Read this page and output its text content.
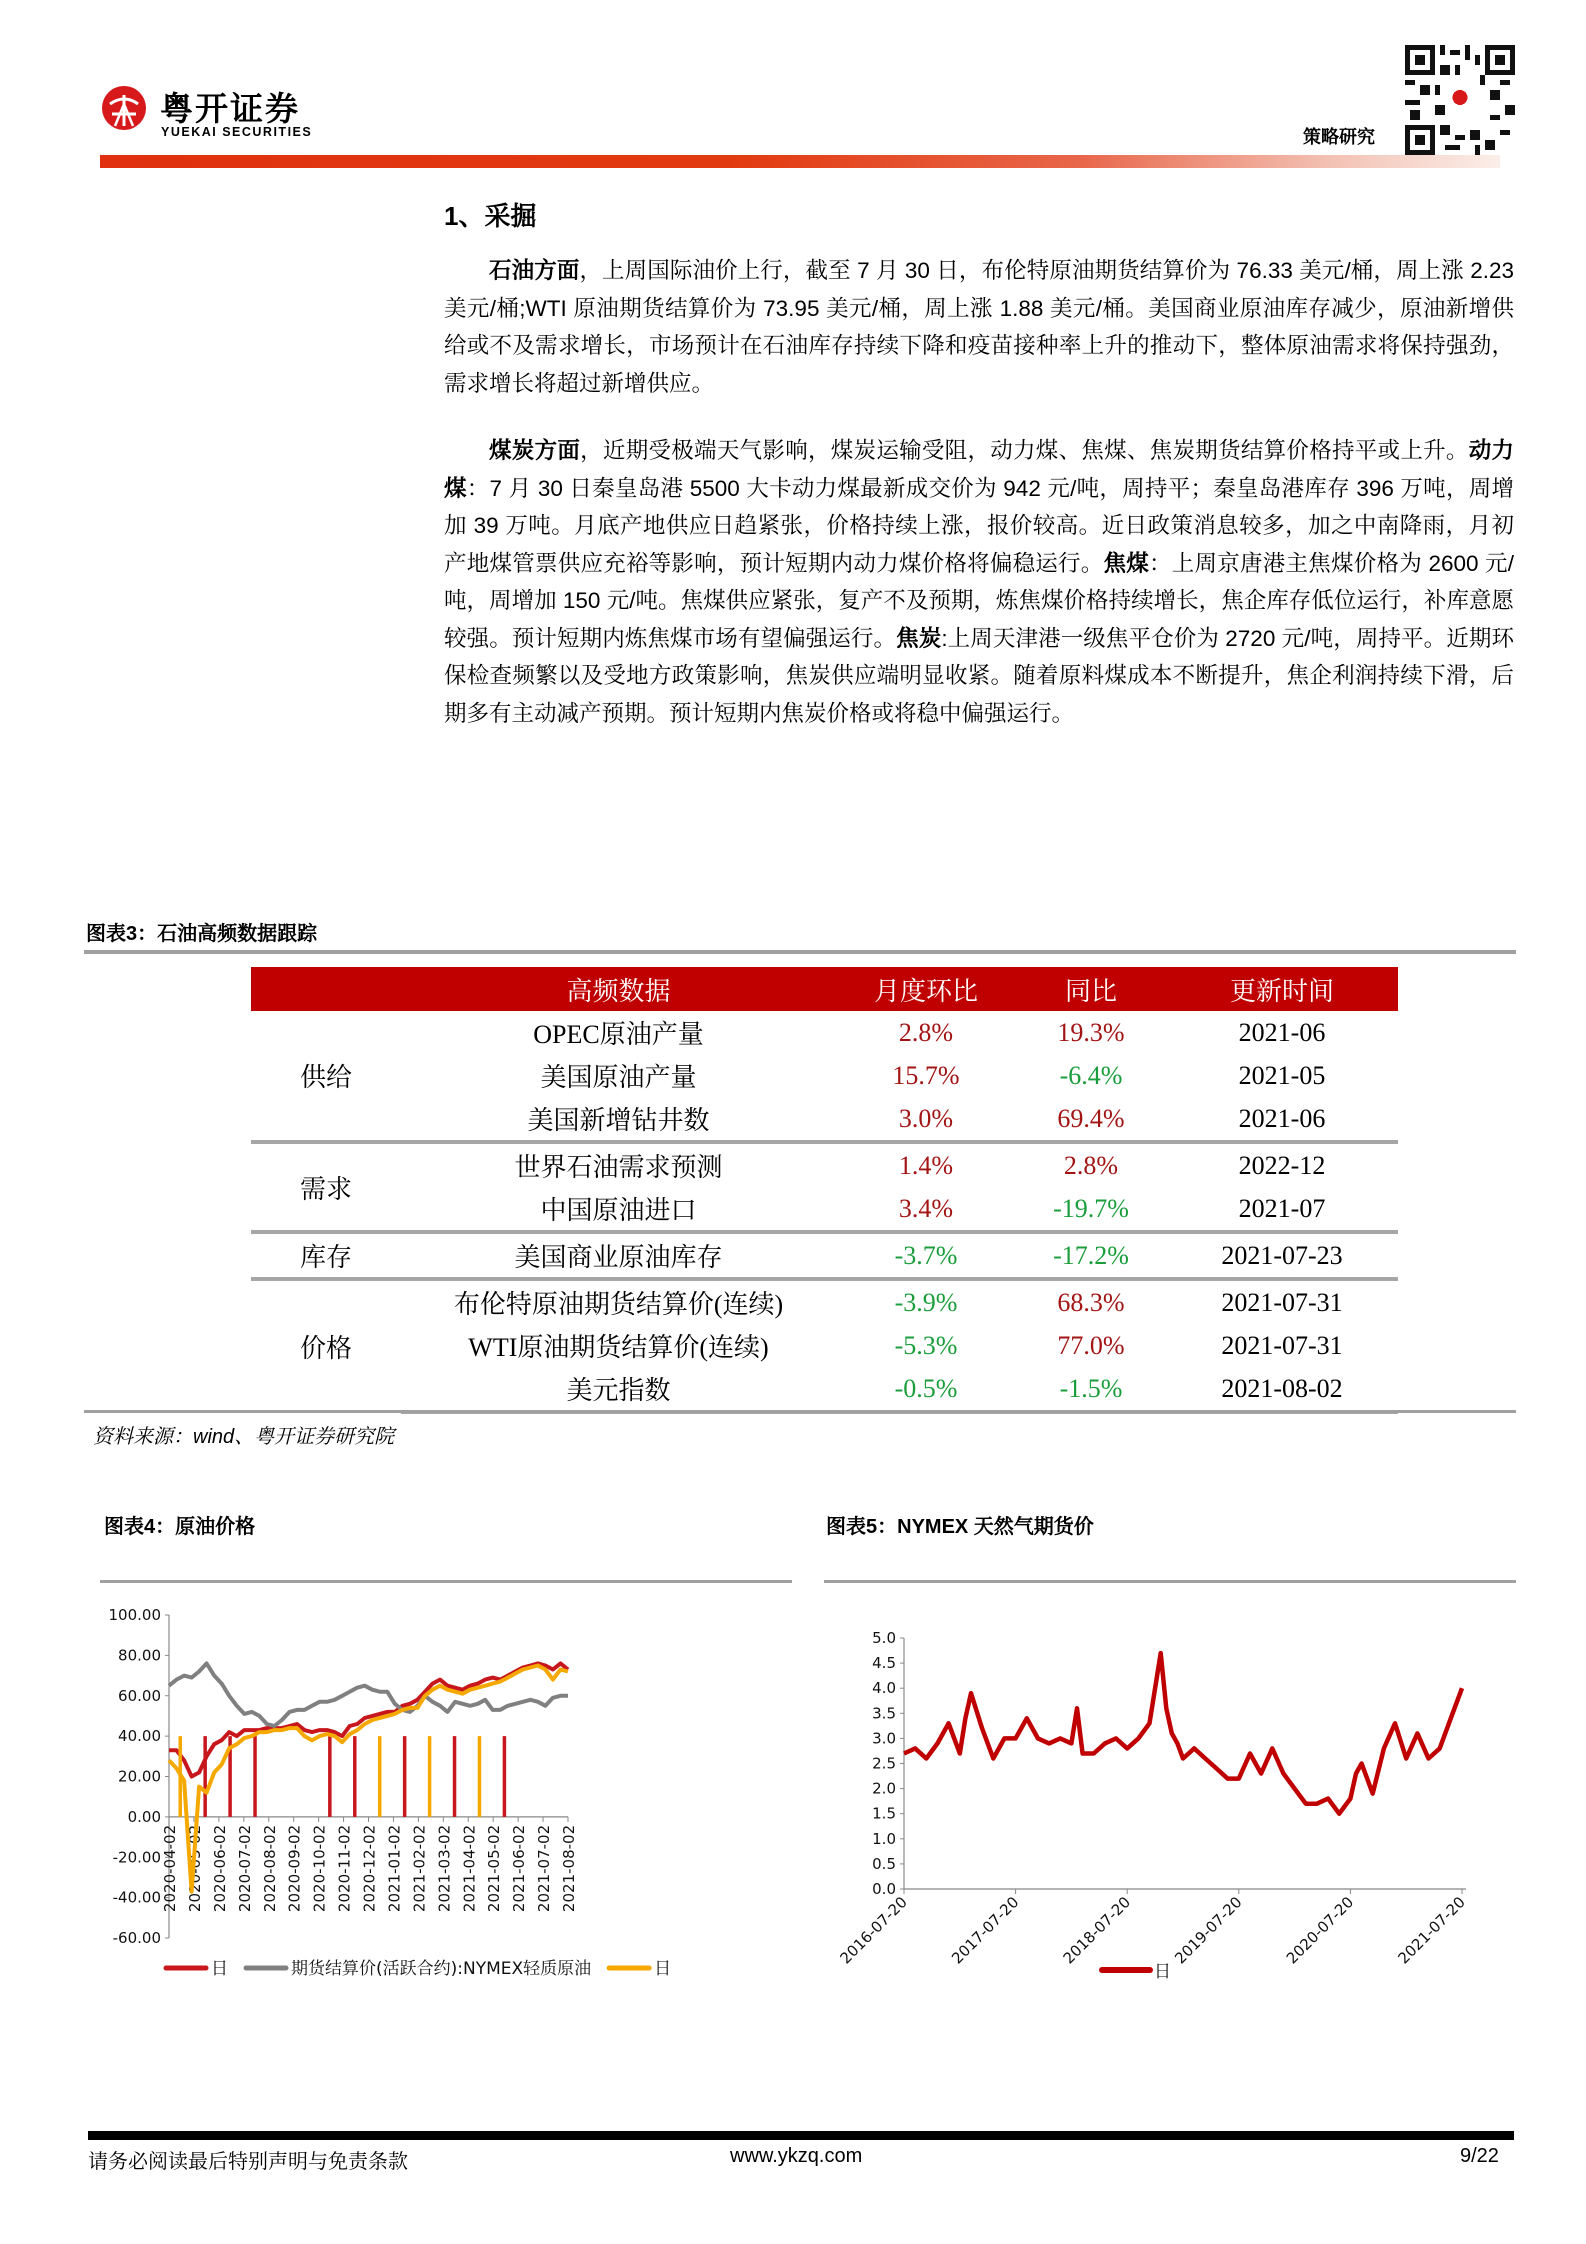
粤开证券
YUEKAI SECURITIES	策略研究
1、采掘
石油方面，上周国际油价上行，截至 7 月 30 日，布伦特原油期货结算价为 76.33 美元/桶，周上涨 2.23 美元/桶;WTI 原油期货结算价为 73.95 美元/桶，周上涨 1.88 美元/桶。美国商业原油库存减少，原油新增供给或不及需求增长，市场预计在石油库存持续下降和疫苗接种率上升的推动下，整体原油需求将保持强劲，需求增长将超过新增供应。
煤炭方面，近期受极端天气影响，煤炭运输受阻，动力煤、焦煤、焦炭期货结算价格持平或上升。动力煤：7 月 30 日秦皇岛港 5500 大卡动力煤最新成交价为 942 元/吨，周持平；秦皇岛港库存 396 万吨，周增加 39 万吨。月底产地供应日趋紧张，价格持续上涨，报价较高。近日政策消息较多，加之中南降雨，月初产地煤管票供应充裕等影响，预计短期内动力煤价格将偏稳运行。焦煤：上周京唐港主焦煤价格为 2600 元/吨，周增加 150 元/吨。焦煤供应紧张，复产不及预期，炼焦煤价格持续增长，焦企库存低位运行，补库意愿较强。预计短期内炼焦煤市场有望偏强运行。焦炭:上周天津港一级焦平仓价为 2720 元/吨，周持平。近期环保检查频繁以及受地方政策影响，焦炭供应端明显收紧。随着原料煤成本不断提升，焦企利润持续下滑，后期多有主动减产预期。预计短期内焦炭价格或将稳中偏强运行。
图表3：石油高频数据跟踪
	高频数据	月度环比	同比	更新时间
供给	OPEC原油产量	2.8%	19.3%	2021-06
	美国原油产量	15.7%	-6.4%	2021-05
	美国新增钻井数	3.0%	69.4%	2021-06
需求	世界石油需求预测	1.4%	2.8%	2022-12
	中国原油进口	3.4%	-19.7%	2021-07
库存	美国商业原油库存	-3.7%	-17.2%	2021-07-23
价格	布伦特原油期货结算价(连续)	-3.9%	68.3%	2021-07-31
	WTI原油期货结算价(连续)	-5.3%	77.0%	2021-07-31
	美元指数	-0.5%	-1.5%	2021-08-02
资料来源：wind、粤开证券研究院
图表4：原油价格
100.00
80.00
60.00
40.00
20.00
0.00
-20.00
-40.00
-60.00
2020-04-02 2020-05-02 2020-06-02 2020-07-02 2020-08-02 2020-09-02 2020-10-02 2020-11-02 2020-12-02 2021-01-02 2021-02-02 2021-03-02 2021-04-02 2021-05-02 2021-06-02 2021-07-02 2021-08-02
日	期货结算价(活跃合约):NYMEX轻质原油	日
图表5：NYMEX 天然气期货价
5.0
4.5
4.0
3.5
3.0
2.5
2.0
1.5
1.0
0.5
0.0
2016-07-20 2017-07-20 2018-07-20 2019-07-20 2020-07-20 2021-07-20
日
请务必阅读最后特别声明与免责条款	www.ykzq.com	9/22
